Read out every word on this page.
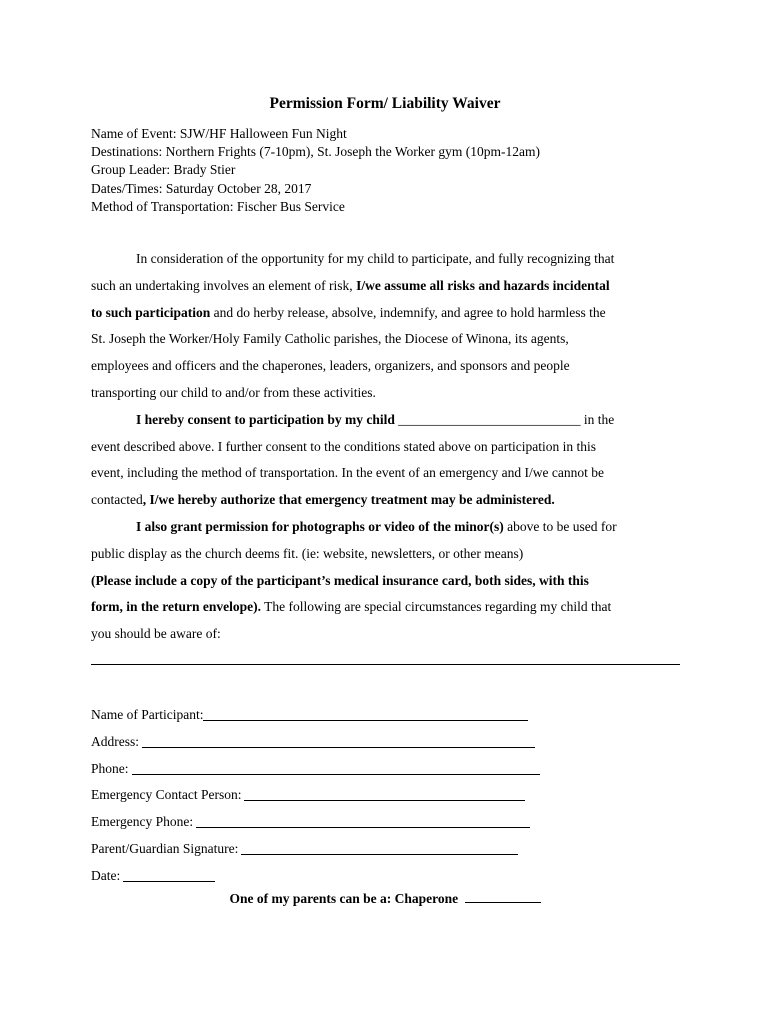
Permission Form/ Liability Waiver
Name of Event: SJW/HF Halloween Fun Night
Destinations: Northern Frights (7-10pm), St. Joseph the Worker gym (10pm-12am)
Group Leader: Brady Stier
Dates/Times: Saturday October 28, 2017
Method of Transportation: Fischer Bus Service
In consideration of the opportunity for my child to participate, and fully recognizing that
such an undertaking involves an element of risk, I/we assume all risks and hazards incidental
to such participation and do herby release, absolve, indemnify, and agree to hold harmless the
St. Joseph the Worker/Holy Family Catholic parishes, the Diocese of Winona, its agents,
employees and officers and the chaperones, leaders, organizers, and sponsors and people
transporting our child to and/or from these activities.
I hereby consent to participation by my child ___________________________ in the
event described above. I further consent to the conditions stated above on participation in this
event, including the method of transportation. In the event of an emergency and I/we cannot be
contacted, I/we hereby authorize that emergency treatment may be administered.
I also grant permission for photographs or video of the minor(s) above to be used for
public display as the church deems fit. (ie: website, newsletters, or other means)
(Please include a copy of the participant’s medical insurance card, both sides, with this
form, in the return envelope). The following are special circumstances regarding my child that
you should be aware of:
Name of Participant:
Address:
Phone:
Emergency Contact Person:
Emergency Phone:
Parent/Guardian Signature:
Date:
One of my parents can be a: Chaperone
